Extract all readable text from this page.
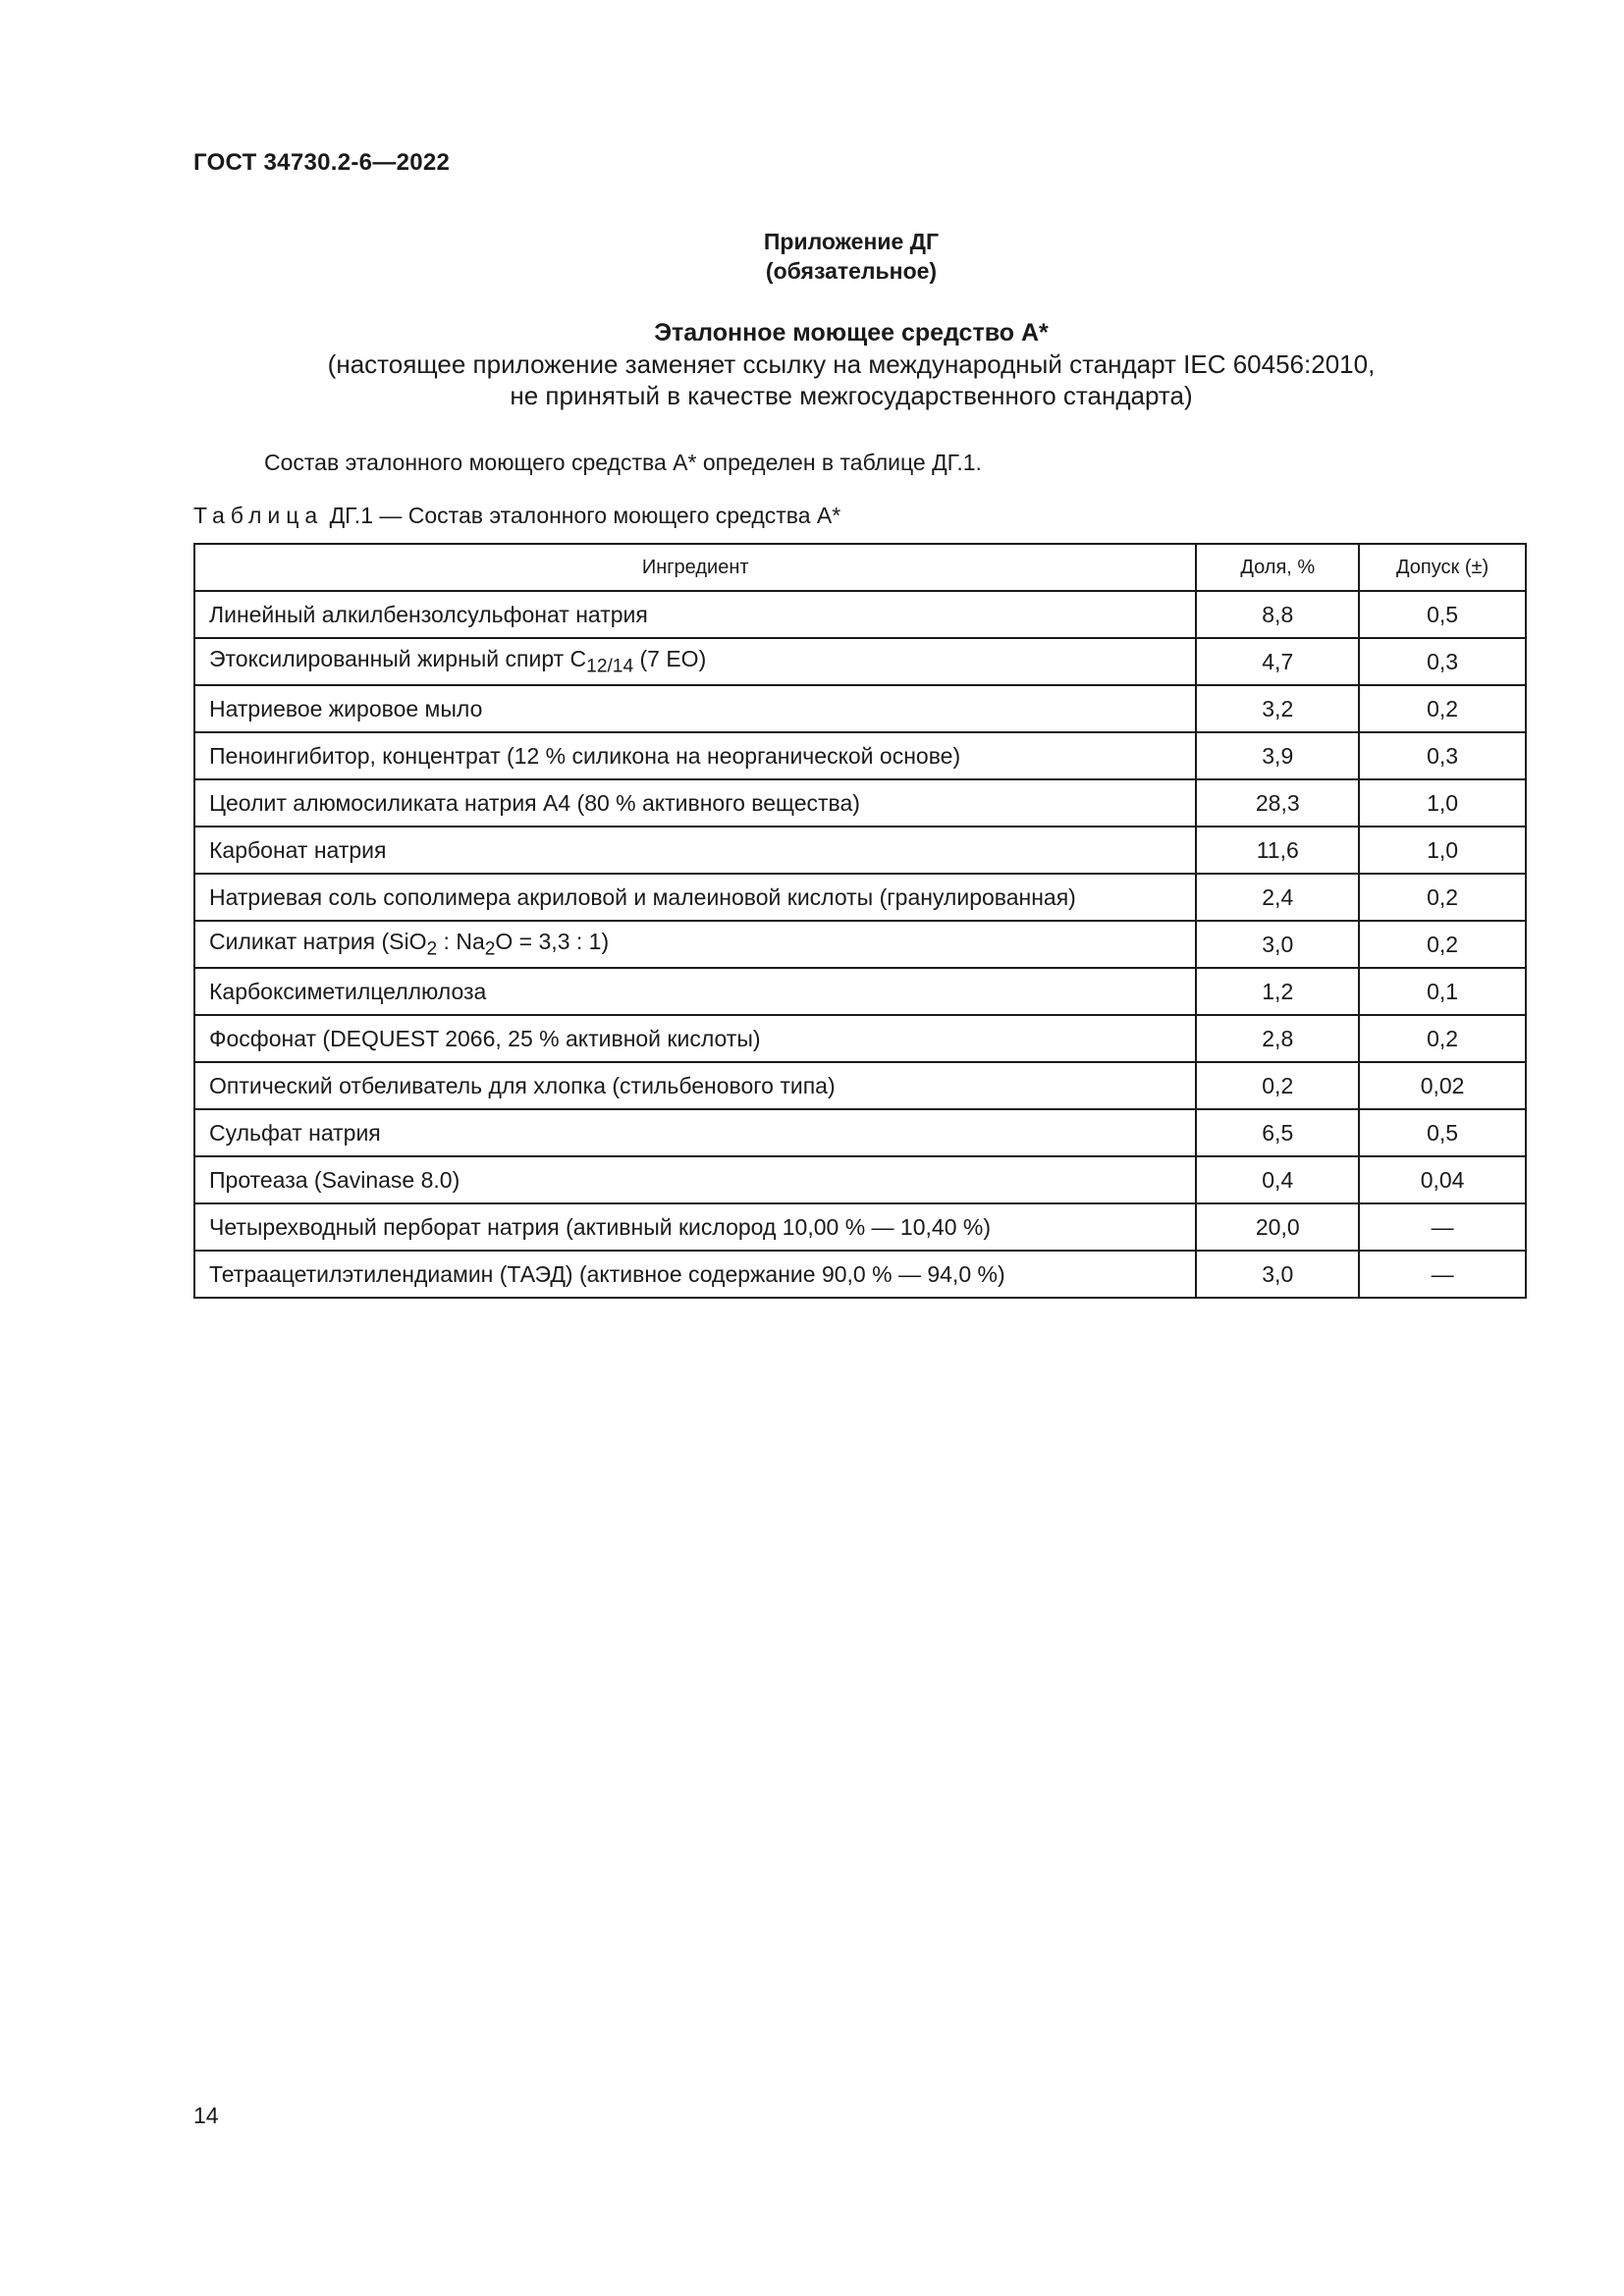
ГОСТ 34730.2-6—2022
Приложение ДГ
(обязательное)
Эталонное моющее средство А*
(настоящее приложение заменяет ссылку на международный стандарт IEC 60456:2010,
не принятый в качестве межгосударственного стандарта)
Состав эталонного моющего средства А* определен в таблице ДГ.1.
Таблица ДГ.1 — Состав эталонного моющего средства А*
Ингредиент	Доля, %	Допуск (±)
Линейный алкилбензолсульфонат натрия	8,8	0,5
Этоксилированный жирный спирт $C_{12/14}$ (7 EO)	4,7	0,3
Натриевое жировое мыло	3,2	0,2
Пеноингибитор, концентрат (12 % силикона на неорганической основе)	3,9	0,3
Цеолит алюмосиликата натрия А4 (80 % активного вещества)	28,3	1,0
Карбонат натрия	11,6	1,0
Натриевая соль сополимера акриловой и малеиновой кислоты (гранулированная)	2,4	0,2
Силикат натрия (SiO$_2$ : $Na_2O = 3,3$ : 1)	3,0	0,2
Карбоксиметилцеллюлоза	1,2	0,1
Фосфонат (DEQUEST 2066, 25 % активной кислоты)	2,8	0,2
Оптический отбеливатель для хлопка (стильбенового типа)	0,2	0,02
Сульфат натрия	6,5	0,5
Протеаза (Savinase 8.0)	0,4	0,04
Четырехводный перборат натрия (активный кислород 10,00 % — 10,40 %)	20,0	—
Тетраацетилэтилендиамин (ТАЭД) (активное содержание 90,0 % — 94,0 %)	3,0	—
14
